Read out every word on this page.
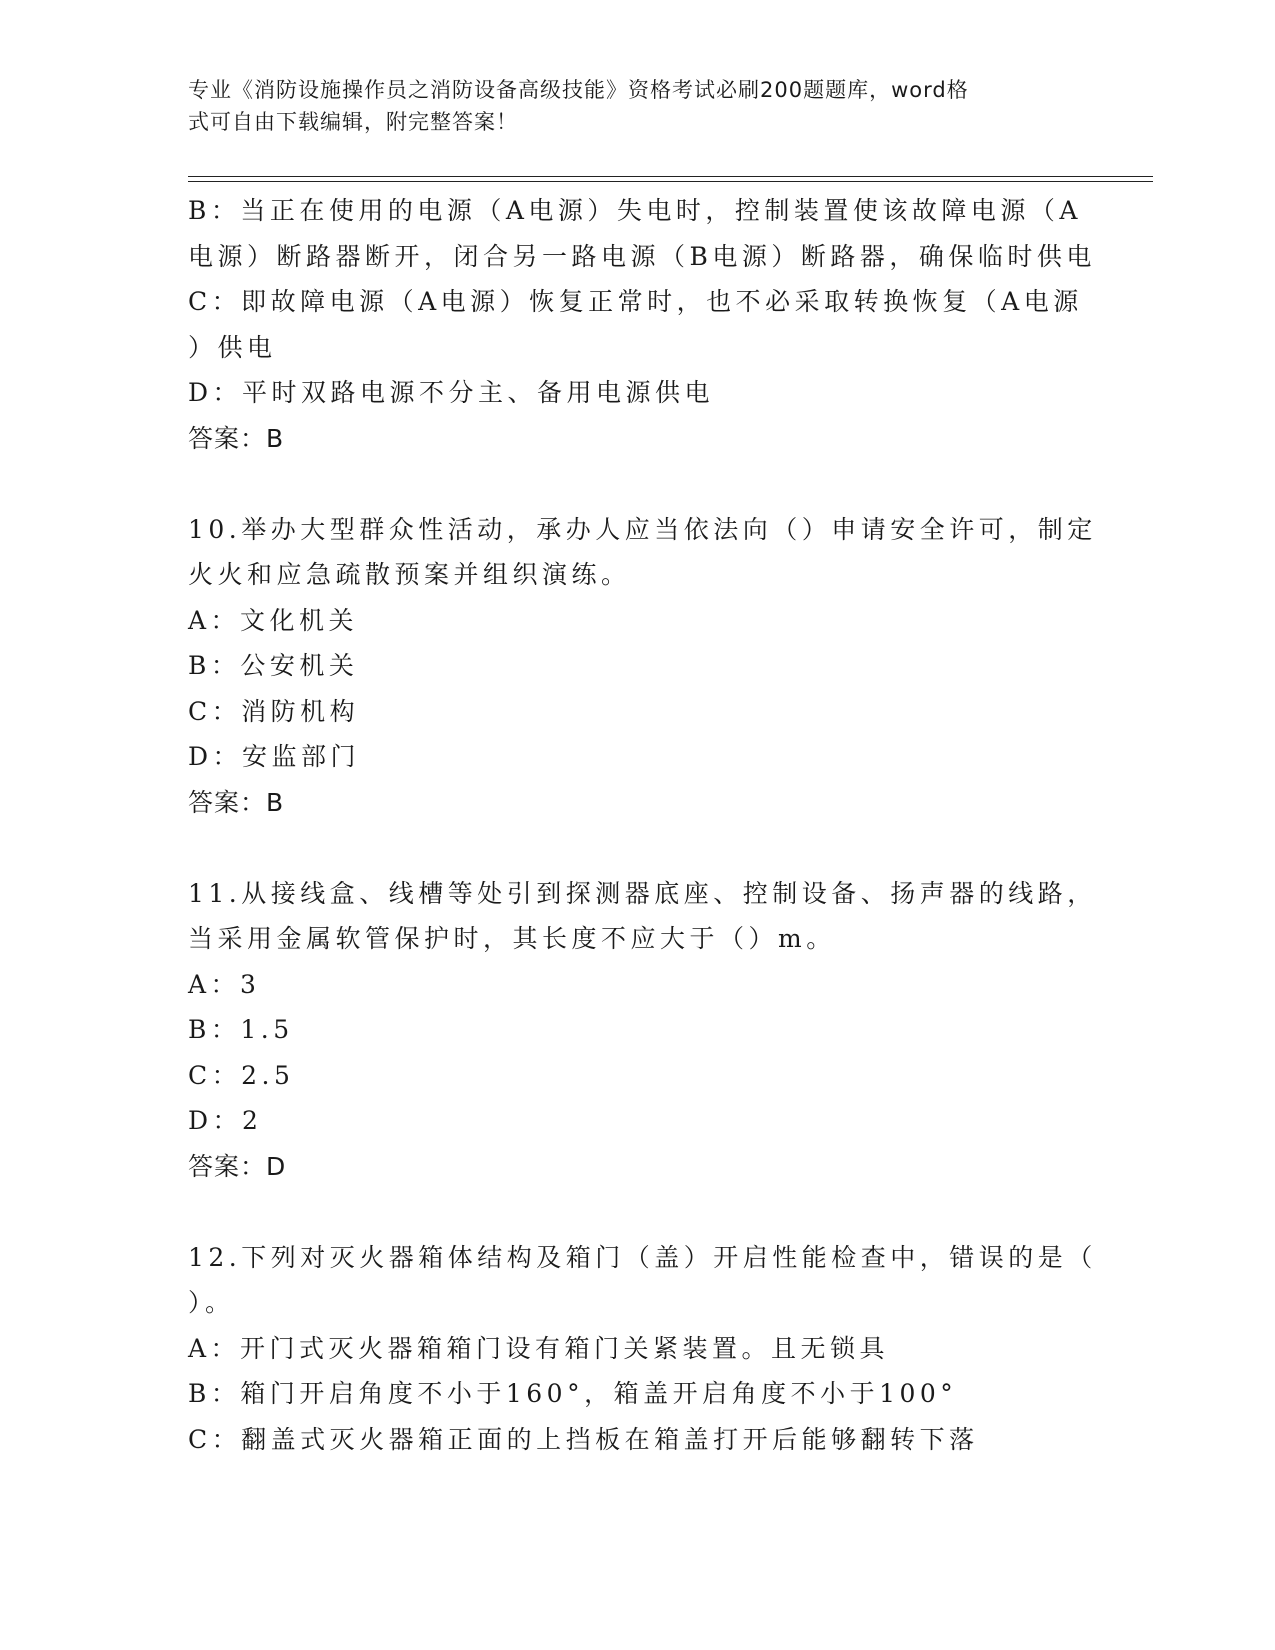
专业《消防设施操作员之消防设备高级技能》资格考试必刷200题题库，word格
式可自由下载编辑，附完整答案！
B：当正在使用的电源（A电源）失电时，控制装置使该故障电源（A
电源）断路器断开，闭合另一路电源（B电源）断路器，确保临时供电
C：即故障电源（A电源）恢复正常时，也不必采取转换恢复（A电源
）供电
D：平时双路电源不分主、备用电源供电
答案：B
10.举办大型群众性活动，承办人应当依法向（）申请安全许可，制定
火火和应急疏散预案并组织演练。
A：文化机关
B：公安机关
C：消防机构
D：安监部门
答案：B
11.从接线盒、线槽等处引到探测器底座、控制设备、扬声器的线路，
当采用金属软管保护时，其长度不应大于（）m。
A：3
B：1.5
C：2.5
D：2
答案：D
12.下列对灭火器箱体结构及箱门（盖）开启性能检查中，错误的是（
）。
A：开门式灭火器箱箱门设有箱门关紧装置。且无锁具
B：箱门开启角度不小于160°，箱盖开启角度不小于100°
C：翻盖式灭火器箱正面的上挡板在箱盖打开后能够翻转下落
